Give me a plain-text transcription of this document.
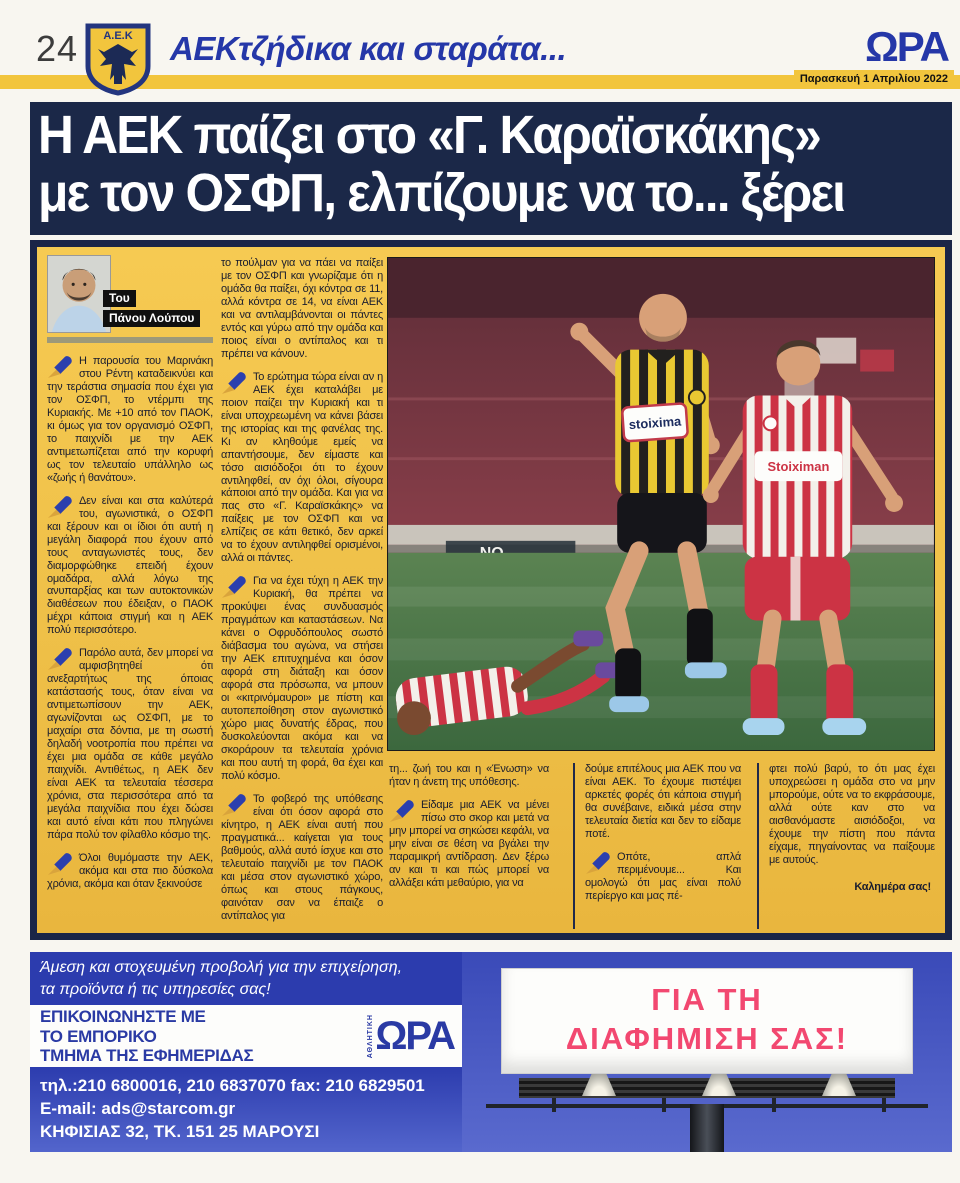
24 Α.Ε.Κ ΑΕΚτζήδικα και σταράτα...	ΩΡΑ
Παρασκευή 1 Απριλίου 2022
Η ΑΕΚ παίζει στο «Γ. Καραϊσκάκης»
με τον ΟΣΦΠ, ελπίζουμε να το... ξέρει
Του
Πάνου Λούπου

Η παρουσία του Μαρινάκη στου Ρέντη καταδεικνύει και την τεράστια σημασία που έχει για τον ΟΣΦΠ, το ντέρμπι της Κυριακής. Με +10 από τον ΠΑΟΚ, κι όμως για τον οργανισμό ΟΣΦΠ, το παιχνίδι με την ΑΕΚ αντιμετωπίζεται από την κορυφή ως τον τελευταίο υπάλληλο ως «ζωής ή θανάτου».

Δεν είναι και στα καλύτερά του, αγωνιστικά, ο ΟΣΦΠ και ξέρουν και οι ίδιοι ότι αυτή η μεγάλη διαφορά που έχουν από τους ανταγωνιστές τους, δεν διαμορφώθηκε επειδή έχουν ομαδάρα, αλλά λόγω της ανυπαρξίας και των αυτοκτονικών διαθέσεων που έδειξαν, ο ΠΑΟΚ μέχρι κάποια στιγμή και η ΑΕΚ πολύ περισσότερο.

Παρόλο αυτά, δεν μπορεί να αμφισβητηθεί ότι ανεξαρτήτως της όποιας κατάστασής τους, όταν είναι να αντιμετωπίσουν την ΑΕΚ, αγωνίζονται ως ΟΣΦΠ, με το μαχαίρι στα δόντια, με τη σωστή δηλαδή νοοτροπία που πρέπει να έχει μια ομάδα σε κάθε μεγάλο παιχνίδι. Αντιθέτως, η ΑΕΚ δεν είναι ΑΕΚ τα τελευταία τέσσερα χρόνια, στα περισσότερα από τα μεγάλα παιχνίδια που έχει δώσει και αυτό είναι κάτι που πληγώνει πάρα πολύ τον φίλαθλο κόσμο της.

Όλοι θυμόμαστε την ΑΕΚ, ακόμα και στα πιο δύσκολα χρόνια, ακόμα και όταν ξεκινούσε

το πούλμαν για να πάει να παίξει με τον ΟΣΦΠ και γνωρίζαμε ότι η ομάδα θα παίξει, όχι κόντρα σε 11, αλλά κόντρα σε 14, να είναι ΑΕΚ και να αντιλαμβάνονται οι πάντες εντός και γύρω από την ομάδα και ποιος είναι ο αντίπαλος και τι πρέπει να κάνουν.

Το ερώτημα τώρα είναι αν η ΑΕΚ έχει καταλάβει με ποιον παίζει την Κυριακή και τι είναι υποχρεωμένη να κάνει βάσει της ιστορίας και της φανέλας της. Κι αν κληθούμε εμείς να απαντήσουμε, δεν είμαστε και τόσο αισιόδοξοι ότι το έχουν αντιληφθεί, αν όχι όλοι, σίγουρα κάποιοι από την ομάδα. Και για να πας στο «Γ. Καραϊσκάκης» να παίξεις με τον ΟΣΦΠ και να ελπίζεις σε κάτι θετικό, δεν αρκεί να το έχουν αντιληφθεί ορισμένοι, αλλά οι πάντες.

Για να έχει τύχη η ΑΕΚ την Κυριακή, θα πρέπει να προκύψει ένας συνδυασμός πραγμάτων και καταστάσεων. Να κάνει ο Οφρυδόπουλος σωστό διάβασμα του αγώνα, να στήσει την ΑΕΚ επιτυχημένα και όσον αφορά στη διάταξη και όσον αφορά στα πρόσωπα, να μπουν οι «κιτρινόμαυροι» με πίστη και αυτοπεποίθηση στον αγωνιστικό χώρο μιας δυνατής έδρας, που δυσκολεύονται ακόμα και να σκοράρουν τα τελευταία χρόνια και που αυτή τη φορά, θα έχει και πολύ κόσμο.

Το φοβερό της υπόθεσης είναι ότι όσον αφορά στο κίνητρο, η ΑΕΚ είναι αυτή που πραγματικά... καίγεται για τους βαθμούς, αλλά αυτό ίσχυε και στο τελευταίο παιχνίδι με τον ΠΑΟΚ και μέσα στον αγωνιστικό χώρο, όπως και στους πάγκους, φαινόταν σαν να έπαιζε ο αντίπαλος για

stoixima
Stoiximan

τη... ζωή του και η «Ένωση» να ήταν η άνετη της υπόθεσης.

Είδαμε μια ΑΕΚ να μένει πίσω στο σκορ και μετά να μην μπορεί να σηκώσει κεφάλι, να μην είναι σε θέση να βγάλει την παραμικρή αντίδραση. Δεν ξέρω αν και τι και πώς μπορεί να αλλάξει κάτι μεθαύριο, για να

δούμε επιτέλους μια ΑΕΚ που να είναι ΑΕΚ. Το έχουμε πιστέψει αρκετές φορές ότι κάποια στιγμή θα συνέβαινε, ειδικά μέσα στην τελευταία διετία και δεν το είδαμε ποτέ.

Οπότε, απλά περιμένουμε... Και ομολογώ ότι μας είναι πολύ περίεργο και μας πέ-

φτει πολύ βαρύ, το ότι μας έχει υποχρεώσει η ομάδα στο να μην μπορούμε, ούτε να το εκφράσουμε, αλλά ούτε καν στο να αισθανόμαστε αισιόδοξοι, να έχουμε την πίστη που πάντα είχαμε, πηγαίνοντας να παίξουμε με αυτούς.

Καλημέρα σας!
Άμεση και στοχευμένη προβολή για την επιχείρηση,
τα προϊόντα ή τις υπηρεσίες σας!
ΕΠΙΚΟΙΝΩΝΗΣΤΕ ΜΕ
ΤΟ ΕΜΠΟΡΙΚΟ
ΤΜΗΜΑ ΤΗΣ ΕΦΗΜΕΡΙΔΑΣ	ΑΘΛΗΤΙΚΗ ΩΡΑ
τηλ.:210 6800016, 210 6837070 fax: 210 6829501
E-mail: ads@starcom.gr
ΚΗΦΙΣΙΑΣ 32, ΤΚ. 151 25 ΜΑΡΟΥΣΙ
ΓΙΑ ΤΗ
ΔΙΑΦΗΜΙΣΗ ΣΑΣ!
